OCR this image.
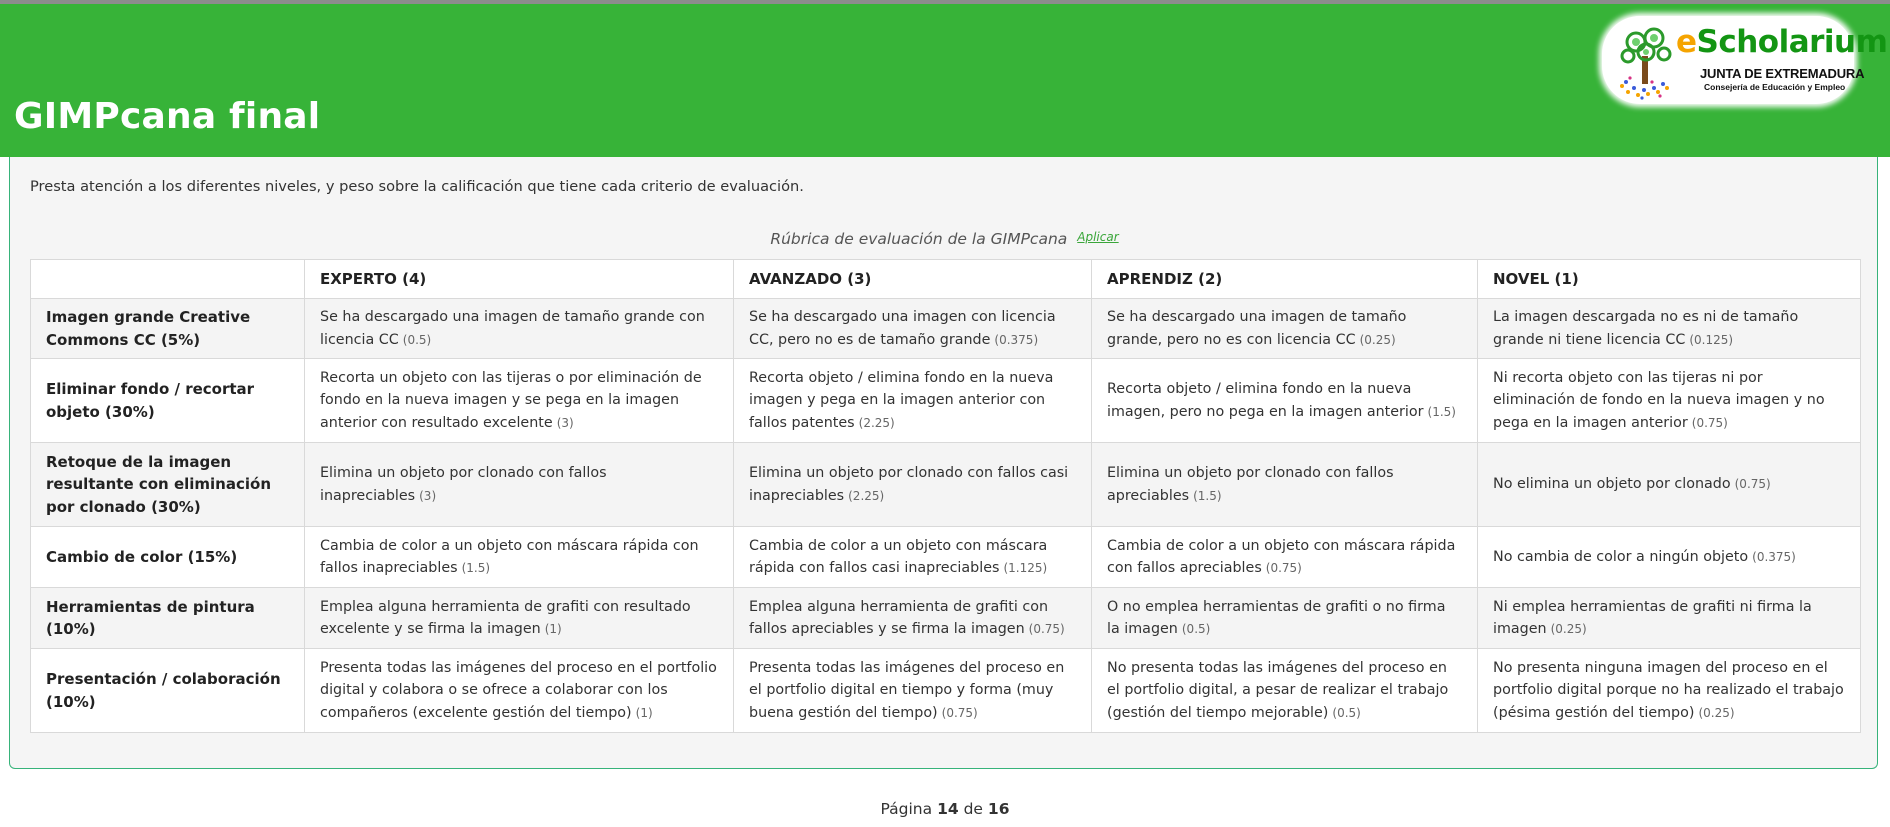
eScholarium
JUNTA DE EXTREMADURA
Consejería de Educación y Empleo
GIMPcana final

Presta atención a los diferentes niveles, y peso sobre la calificación que tiene cada criterio de evaluación.

Rúbrica de evaluación de la GIMPcana Aplicar
	EXPERTO (4)	AVANZADO (3)	APRENDIZ (2)	NOVEL (1)
Imagen grande Creative Commons CC (5%)	Se ha descargado una imagen de tamaño grande con licencia CC (0.5)	Se ha descargado una imagen con licencia CC, pero no es de tamaño grande (0.375)	Se ha descargado una imagen de tamaño grande, pero no es con licencia CC (0.25)	La imagen descargada no es ni de tamaño grande ni tiene licencia CC (0.125)
Eliminar fondo / recortar objeto (30%)	Recorta un objeto con las tijeras o por eliminación de fondo en la nueva imagen y se pega en la imagen anterior con resultado excelente (3)	Recorta objeto / elimina fondo en la nueva imagen y pega en la imagen anterior con fallos patentes (2.25)	Recorta objeto / elimina fondo en la nueva imagen, pero no pega en la imagen anterior (1.5)	Ni recorta objeto con las tijeras ni por eliminación de fondo en la nueva imagen y no pega en la imagen anterior (0.75)
Retoque de la imagen resultante con eliminación por clonado (30%)	Elimina un objeto por clonado con fallos inapreciables (3)	Elimina un objeto por clonado con fallos casi inapreciables (2.25)	Elimina un objeto por clonado con fallos apreciables (1.5)	No elimina un objeto por clonado (0.75)
Cambio de color (15%)	Cambia de color a un objeto con máscara rápida con fallos inapreciables (1.5)	Cambia de color a un objeto con máscara rápida con fallos casi inapreciables (1.125)	Cambia de color a un objeto con máscara rápida con fallos apreciables (0.75)	No cambia de color a ningún objeto (0.375)
Herramientas de pintura (10%)	Emplea alguna herramienta de grafiti con resultado excelente y se firma la imagen (1)	Emplea alguna herramienta de grafiti con fallos apreciables y se firma la imagen (0.75)	O no emplea herramientas de grafiti o no firma la imagen (0.5)	Ni emplea herramientas de grafiti ni firma la imagen (0.25)
Presentación / colaboración (10%)	Presenta todas las imágenes del proceso en el portfolio digital y colabora o se ofrece a colaborar con los compañeros (excelente gestión del tiempo) (1)	Presenta todas las imágenes del proceso en el portfolio digital en tiempo y forma (muy buena gestión del tiempo) (0.75)	No presenta todas las imágenes del proceso en el portfolio digital, a pesar de realizar el trabajo (gestión del tiempo mejorable) (0.5)	No presenta ninguna imagen del proceso en el portfolio digital porque no ha realizado el trabajo (pésima gestión del tiempo) (0.25)
Página 14 de 16
